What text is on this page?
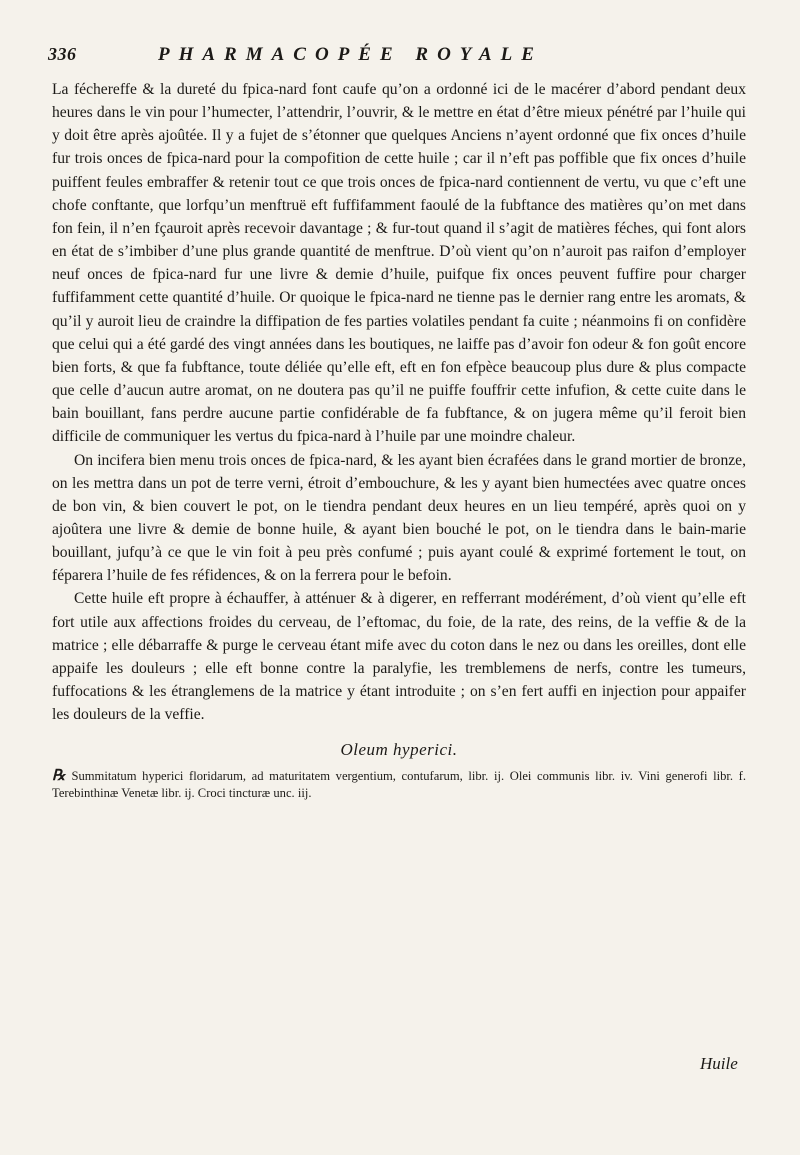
336	PHARMACOPÉE ROYALE

La féchereffe & la dureté du fpica-nard font caufe qu’on a ordonné ici de le macérer d’abord pendant deux heures dans le vin pour l’humecter, l’attendrir, l’ouvrir, & le mettre en état d’être mieux pénétré par l’huile qui y doit être après ajoûtée. Il y a fujet de s’étonner que quelques Anciens n’ayent ordonné que fix onces d’huile fur trois onces de fpica-nard pour la compofition de cette huile ; car il n’eft pas poffible que fix onces d’huile puiffent feules embraffer & retenir tout ce que trois onces de fpica-nard contiennent de vertu, vu que c’eft une chofe conftante, que lorfqu’un menftruë eft fuffifamment faoulé de la fubftance des matières qu’on met dans fon fein, il n’en fçauroit après recevoir davantage ; & fur-tout quand il s’agit de matières féches, qui font alors en état de s’imbiber d’une plus grande quantité de menftrue. D’où vient qu’on n’auroit pas raifon d’employer neuf onces de fpica-nard fur une livre & demie d’huile, puifque fix onces peuvent fuffire pour charger fuffifamment cette quantité d’huile. Or quoique le fpica-nard ne tienne pas le dernier rang entre les aromats, & qu’il y auroit lieu de craindre la diffipation de fes parties volatiles pendant fa cuite ; néanmoins fi on confidère que celui qui a été gardé des vingt années dans les boutiques, ne laiffe pas d’avoir fon odeur & fon goût encore bien forts, & que fa fubftance, toute déliée qu’elle eft, eft en fon efpèce beaucoup plus dure & plus compacte que celle d’aucun autre aromat, on ne doutera pas qu’il ne puiffe fouffrir cette infufion, & cette cuite dans le bain bouillant, fans perdre aucune partie confidérable de fa fubftance, & on jugera même qu’il feroit bien difficile de communiquer les vertus du fpica-nard à l’huile par une moindre chaleur.

On incifera bien menu trois onces de fpica-nard, & les ayant bien écrafées dans le grand mortier de bronze, on les mettra dans un pot de terre verni, étroit d’embouchure, & les y ayant bien humectées avec quatre onces de bon vin, & bien couvert le pot, on le tiendra pendant deux heures en un lieu tempéré, après quoi on y ajoûtera une livre & demie de bonne huile, & ayant bien bouché le pot, on le tiendra dans le bain-marie bouillant, jufqu’à ce que le vin foit à peu près confumé ; puis ayant coulé & exprimé fortement le tout, on féparera l’huile de fes réfidences, & on la ferrera pour le befoin.

Cette huile eft propre à échauffer, à atténuer & à digerer, en refferrant modérément, d’où vient qu’elle eft fort utile aux affections froides du cerveau, de l’eftomac, du foie, de la rate, des reins, de la veffie & de la matrice ; elle débarraffe & purge le cerveau étant mife avec du coton dans le nez ou dans les oreilles, dont elle appaife les douleurs ; elle eft bonne contre la paralyfie, les tremblemens de nerfs, contre les tumeurs, fuffocations & les étranglemens de la matrice y étant introduite ; on s’en fert auffi en injection pour appaifer les douleurs de la veffie.

Oleum hyperici.

℞ Summitatum hyperici floridarum, ad maturitatem vergentium, contufarum, libr. ij. Olei communis libr. iv. Vini generofi libr. f. Terebinthinæ Venetæ libr. ij. Croci tincturæ unc. iij.

Huile
